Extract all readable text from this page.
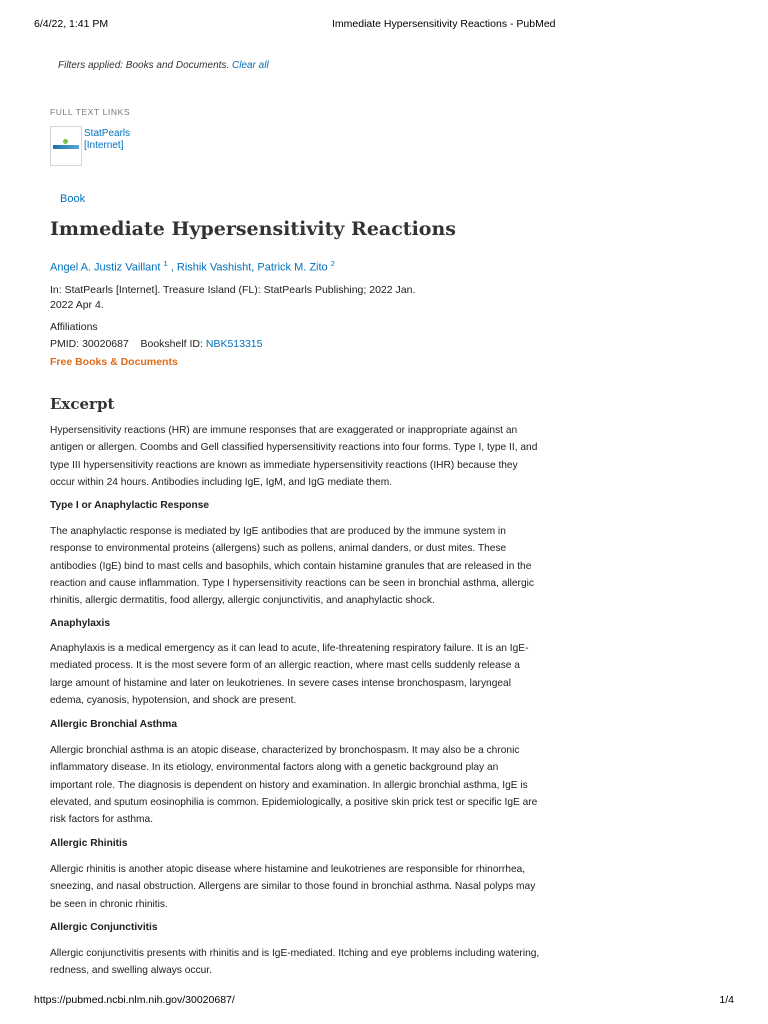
6/4/22, 1:41 PM	Immediate Hypersensitivity Reactions - PubMed
Filters applied: Books and Documents. Clear all
FULL TEXT LINKS
StatPearls
[Internet]
Book
Immediate Hypersensitivity Reactions
Angel A. Justiz Vaillant $^1$ , Rishik Vashisht, Patrick M. Zito $^2$
In: StatPearls [Internet]. Treasure Island (FL): StatPearls Publishing; 2022 Jan.
2022 Apr 4.
Affiliations
PMID: 30020687 Bookshelf ID: NBK513315
Free Books & Documents
Excerpt

Hypersensitivity reactions (HR) are immune responses that are exaggerated or inappropriate against an antigen or allergen. Coombs and Gell classified hypersensitivity reactions into four forms. Type I, type II, and type III hypersensitivity reactions are known as immediate hypersensitivity reactions (IHR) because they occur within 24 hours. Antibodies including IgE, IgM, and IgG mediate them.

Type I or Anaphylactic Response

The anaphylactic response is mediated by IgE antibodies that are produced by the immune system in response to environmental proteins (allergens) such as pollens, animal danders, or dust mites. These antibodies (IgE) bind to mast cells and basophils, which contain histamine granules that are released in the reaction and cause inflammation. Type I hypersensitivity reactions can be seen in bronchial asthma, allergic rhinitis, allergic dermatitis, food allergy, allergic conjunctivitis, and anaphylactic shock.

Anaphylaxis

Anaphylaxis is a medical emergency as it can lead to acute, life-threatening respiratory failure. It is an IgE-mediated process. It is the most severe form of an allergic reaction, where mast cells suddenly release a large amount of histamine and later on leukotrienes. In severe cases intense bronchospasm, laryngeal edema, cyanosis, hypotension, and shock are present.

Allergic Bronchial Asthma

Allergic bronchial asthma is an atopic disease, characterized by bronchospasm. It may also be a chronic inflammatory disease. In its etiology, environmental factors along with a genetic background play an important role. The diagnosis is dependent on history and examination. In allergic bronchial asthma, IgE is elevated, and sputum eosinophilia is common. Epidemiologically, a positive skin prick test or specific IgE are risk factors for asthma.

Allergic Rhinitis

Allergic rhinitis is another atopic disease where histamine and leukotrienes are responsible for rhinorrhea, sneezing, and nasal obstruction. Allergens are similar to those found in bronchial asthma. Nasal polyps may be seen in chronic rhinitis.

Allergic Conjunctivitis

Allergic conjunctivitis presents with rhinitis and is IgE-mediated. Itching and eye problems including watering, redness, and swelling always occur.

https://pubmed.ncbi.nlm.nih.gov/30020687/	1/4
